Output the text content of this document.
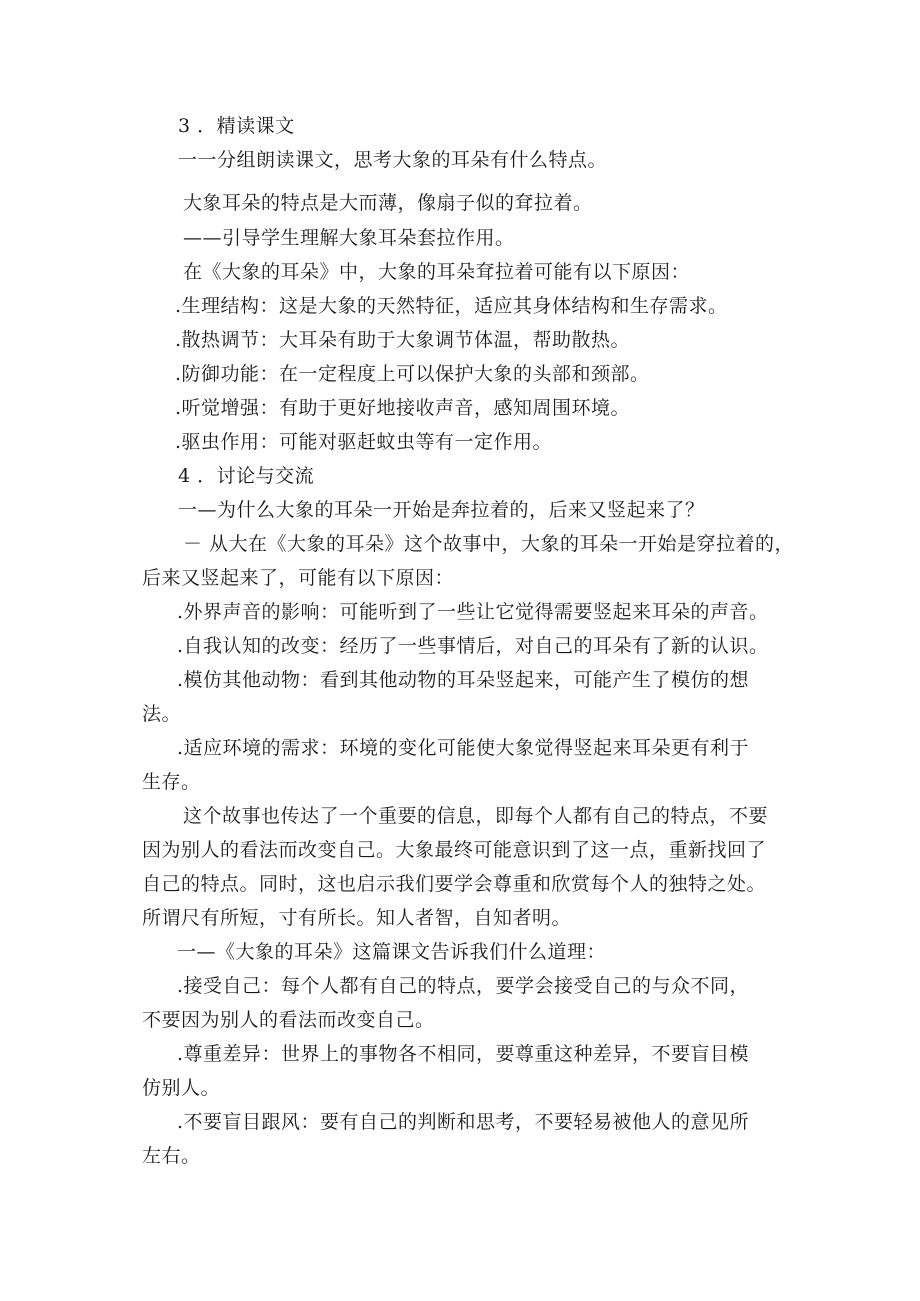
3 ．精读课文
一一分组朗读课文，思考大象的耳朵有什么特点。
大象耳朵的特点是大而薄，像扇子似的耷拉着。
——引导学生理解大象耳朵套拉作用。
在《大象的耳朵》中，大象的耳朵耷拉着可能有以下原因：
.生理结构：这是大象的天然特征，适应其身体结构和生存需求。
.散热调节：大耳朵有助于大象调节体温，帮助散热。
.防御功能：在一定程度上可以保护大象的头部和颈部。
.听觉增强：有助于更好地接收声音，感知周围环境。
.驱虫作用：可能对驱赶蚊虫等有一定作用。
4 ．讨论与交流
一—为什么大象的耳朵一开始是奔拉着的，后来又竖起来了？
－ 从大在《大象的耳朵》这个故事中，大象的耳朵一开始是穿拉着的，
后来又竖起来了，可能有以下原因：
.外界声音的影响：可能听到了一些让它觉得需要竖起来耳朵的声音。
.自我认知的改变：经历了一些事情后，对自己的耳朵有了新的认识。
.模仿其他动物：看到其他动物的耳朵竖起来，可能产生了模仿的想
法。
.适应环境的需求：环境的变化可能使大象觉得竖起来耳朵更有利于
生存。
这个故事也传达了一个重要的信息，即每个人都有自己的特点，不要
因为别人的看法而改变自己。大象最终可能意识到了这一点，重新找回了
自己的特点。同时，这也启示我们要学会尊重和欣赏每个人的独特之处。
所谓尺有所短，寸有所长。知人者智，自知者明。
一—《大象的耳朵》这篇课文告诉我们什么道理：
.接受自己：每个人都有自己的特点，要学会接受自己的与众不同，
不要因为别人的看法而改变自己。
.尊重差异：世界上的事物各不相同，要尊重这种差异，不要盲目模
仿别人。
.不要盲目跟风：要有自己的判断和思考，不要轻易被他人的意见所
左右。
